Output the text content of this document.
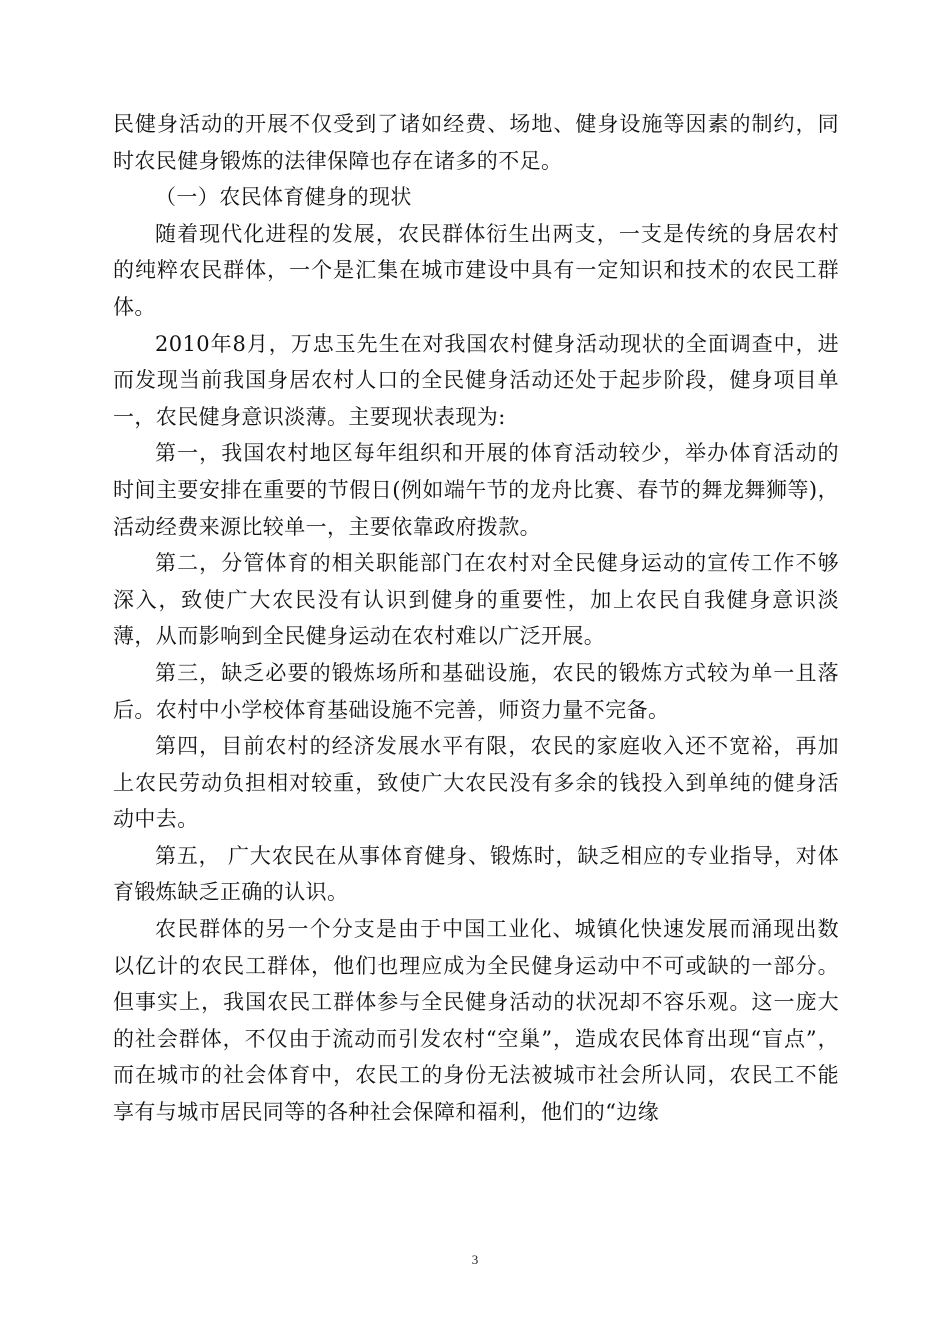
民健身活动的开展不仅受到了诸如经费、场地、健身设施等因素的制约，同时农民健身锻炼的法律保障也存在诸多的不足。

（一）农民体育健身的现状

随着现代化进程的发展，农民群体衍生出两支，一支是传统的身居农村的纯粹农民群体，一个是汇集在城市建设中具有一定知识和技术的农民工群体。

2010年8月，万忠玉先生在对我国农村健身活动现状的全面调查中，进而发现当前我国身居农村人口的全民健身活动还处于起步阶段，健身项目单一，农民健身意识淡薄。主要现状表现为:

第一，我国农村地区每年组织和开展的体育活动较少，举办体育活动的时间主要安排在重要的节假日(例如端午节的龙舟比赛、春节的舞龙舞狮等)，活动经费来源比较单一，主要依靠政府拨款。

第二，分管体育的相关职能部门在农村对全民健身运动的宣传工作不够深入，致使广大农民没有认识到健身的重要性，加上农民自我健身意识淡薄，从而影响到全民健身运动在农村难以广泛开展。

第三，缺乏必要的锻炼场所和基础设施，农民的锻炼方式较为单一且落后。农村中小学校体育基础设施不完善，师资力量不完备。

第四，目前农村的经济发展水平有限，农民的家庭收入还不宽裕，再加上农民劳动负担相对较重，致使广大农民没有多余的钱投入到单纯的健身活动中去。

第五， 广大农民在从事体育健身、锻炼时，缺乏相应的专业指导，对体育锻炼缺乏正确的认识。

农民群体的另一个分支是由于中国工业化、城镇化快速发展而涌现出数以亿计的农民工群体，他们也理应成为全民健身运动中不可或缺的一部分。但事实上，我国农民工群体参与全民健身活动的状况却不容乐观。这一庞大的社会群体，不仅由于流动而引发农村“空巢”，造成农民体育出现“盲点”，而在城市的社会体育中，农民工的身份无法被城市社会所认同，农民工不能享有与城市居民同等的各种社会保障和福利，他们的“边缘

3
